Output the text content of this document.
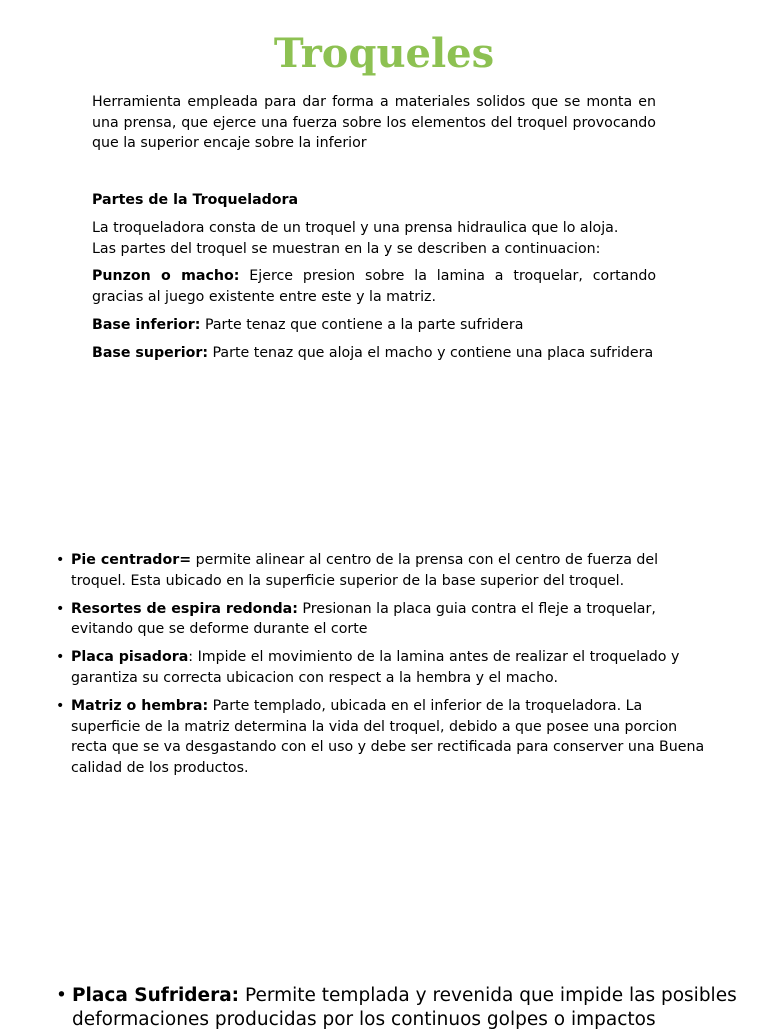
Troqueles

Herramienta empleada para dar forma a materiales solidos que se monta en una prensa, que ejerce una fuerza sobre los elementos del troquel provocando que la superior encaje sobre la inferior

Partes de la Troqueladora

La troqueladora consta de un troquel y una prensa hidraulica que lo aloja.
Las partes del troquel se muestran en la y se describen a continuacion:

Punzon o macho: Ejerce presion sobre la lamina a troquelar, cortando gracias al juego existente entre este y la matriz.

Base inferior: Parte tenaz que contiene a la parte sufridera

Base superior: Parte tenaz que aloja el macho y contiene una placa sufridera

• Pie centrador= permite alinear al centro de la prensa con el centro de fuerza del troquel. Esta ubicado en la superficie superior de la base superior del troquel.
• Resortes de espira redonda: Presionan la placa guia contra el fleje a troquelar, evitando que se deforme durante el corte
• Placa pisadora: Impide el movimiento de la lamina antes de realizar el troquelado y garantiza su correcta ubicacion con respect a la hembra y el macho.
• Matriz o hembra: Parte templado, ubicada en el inferior de la troqueladora. La superficie de la matriz determina la vida del troquel, debido a que posee una porcion recta que se va desgastando con el uso y debe ser rectificada para conserver una Buena calidad de los productos.

• Placa Sufridera: Permite templada y revenida que impide las posibles deformaciones producidas por los continuos golpes o impactos
